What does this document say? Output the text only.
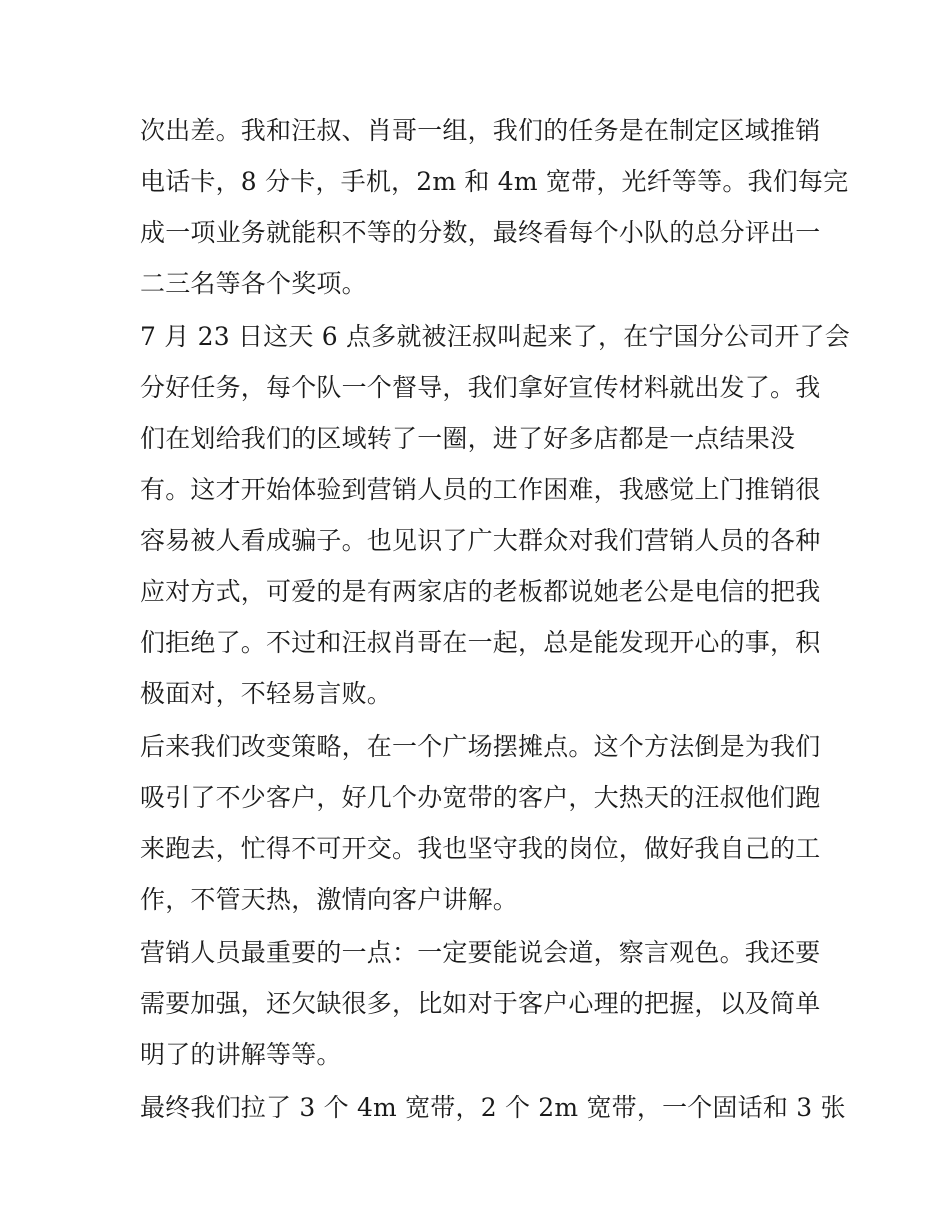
次出差。我和汪叔、肖哥一组，我们的任务是在制定区域推销
电话卡，8 分卡，手机，2m 和 4m 宽带，光纤等等。我们每完
成一项业务就能积不等的分数，最终看每个小队的总分评出一
二三名等各个奖项。
7 月 23 日这天 6 点多就被汪叔叫起来了，在宁国分公司开了会
分好任务，每个队一个督导，我们拿好宣传材料就出发了。我
们在划给我们的区域转了一圈，进了好多店都是一点结果没
有。这才开始体验到营销人员的工作困难，我感觉上门推销很
容易被人看成骗子。也见识了广大群众对我们营销人员的各种
应对方式，可爱的是有两家店的老板都说她老公是电信的把我
们拒绝了。不过和汪叔肖哥在一起，总是能发现开心的事，积
极面对，不轻易言败。
后来我们改变策略，在一个广场摆摊点。这个方法倒是为我们
吸引了不少客户，好几个办宽带的客户，大热天的汪叔他们跑
来跑去，忙得不可开交。我也坚守我的岗位，做好我自己的工
作，不管天热，激情向客户讲解。
营销人员最重要的一点：一定要能说会道，察言观色。我还要
需要加强，还欠缺很多，比如对于客户心理的把握，以及简单
明了的讲解等等。
最终我们拉了 3 个 4m 宽带，2 个 2m 宽带，一个固话和 3 张
